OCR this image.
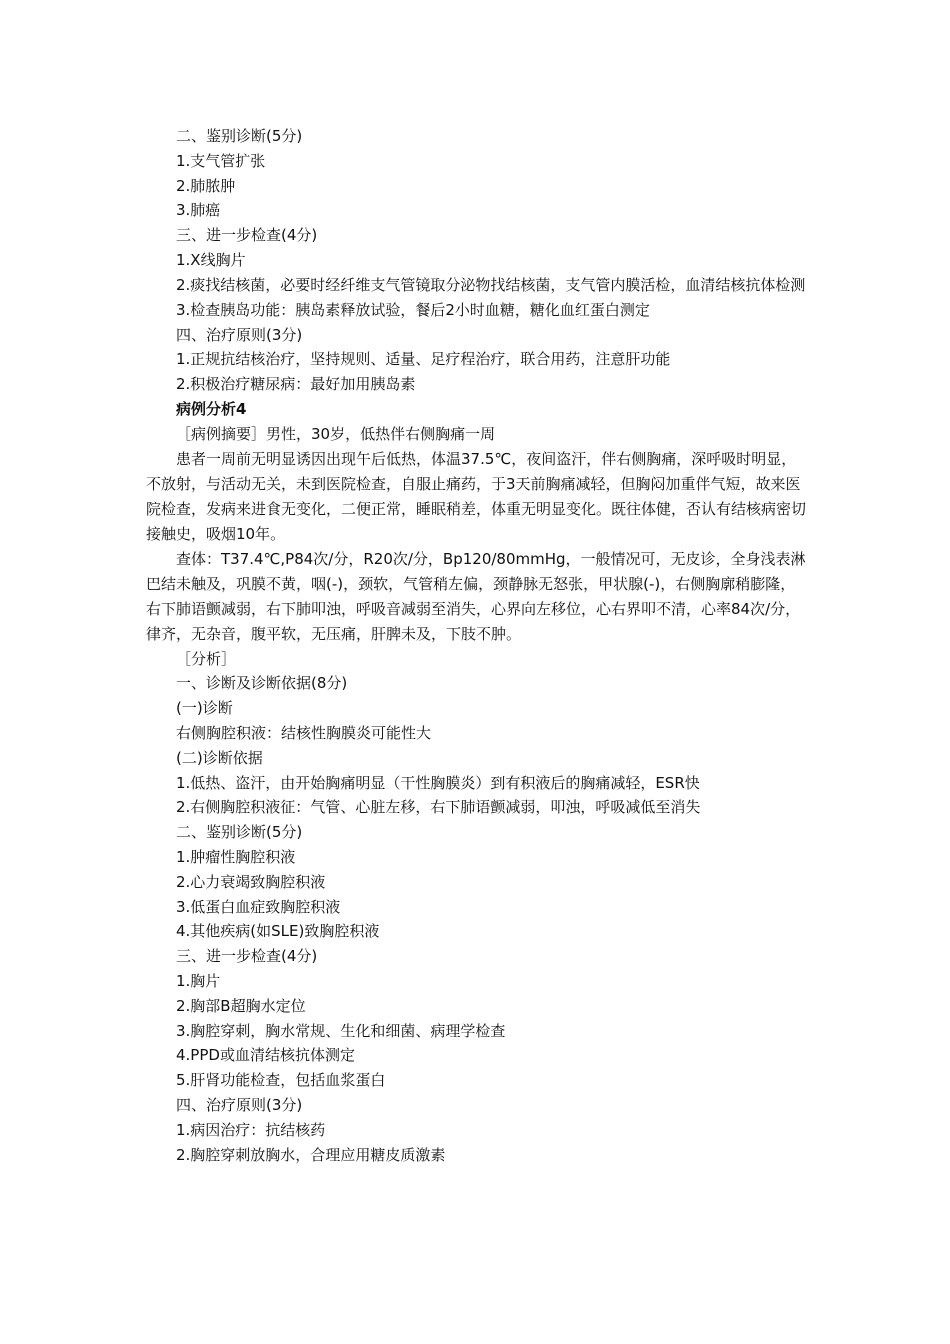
二、鉴别诊断(5分)
1.支气管扩张
2.肺脓肿
3.肺癌
三、进一步检查(4分)
1.X线胸片
2.痰找结核菌，必要时经纤维支气管镜取分泌物找结核菌，支气管内膜活检，血清结核抗体检测
3.检查胰岛功能：胰岛素释放试验，餐后2小时血糖，糖化血红蛋白测定
四、治疗原则(3分)
1.正规抗结核治疗，坚持规则、适量、足疗程治疗，联合用药，注意肝功能
2.积极治疗糖尿病：最好加用胰岛素
病例分析4
［病例摘要］男性，30岁，低热伴右侧胸痛一周
患者一周前无明显诱因出现午后低热，体温37.5℃，夜间盗汗，伴右侧胸痛，深呼吸时明显，不放射，与活动无关，未到医院检查，自服止痛药，于3天前胸痛减轻，但胸闷加重伴气短，故来医院检查，发病来进食无变化，二便正常，睡眠稍差，体重无明显变化。既往体健，否认有结核病密切接触史，吸烟10年。
查体：T37.4℃,P84次/分，R20次/分，Bp120/80mmHg，一般情况可，无皮诊，全身浅表淋巴结未触及，巩膜不黄，咽(-)，颈软，气管稍左偏，颈静脉无怒张，甲状腺(-)，右侧胸廓稍膨隆，右下肺语颤减弱，右下肺叩浊，呼吸音减弱至消失，心界向左移位，心右界叩不清，心率84次/分，律齐，无杂音，腹平软，无压痛，肝脾未及，下肢不肿。
［分析］
一、诊断及诊断依据(8分)
(一)诊断
右侧胸腔积液：结核性胸膜炎可能性大
(二)诊断依据
1.低热、盗汗，由开始胸痛明显（干性胸膜炎）到有积液后的胸痛减轻，ESR快
2.右侧胸腔积液征：气管、心脏左移，右下肺语颤减弱，叩浊，呼吸减低至消失
二、鉴别诊断(5分)
1.肿瘤性胸腔积液
2.心力衰竭致胸腔积液
3.低蛋白血症致胸腔积液
4.其他疾病(如SLE)致胸腔积液
三、进一步检查(4分)
1.胸片
2.胸部B超胸水定位
3.胸腔穿刺，胸水常规、生化和细菌、病理学检查
4.PPD或血清结核抗体测定
5.肝肾功能检查，包括血浆蛋白
四、治疗原则(3分)
1.病因治疗：抗结核药
2.胸腔穿刺放胸水，合理应用糖皮质激素
